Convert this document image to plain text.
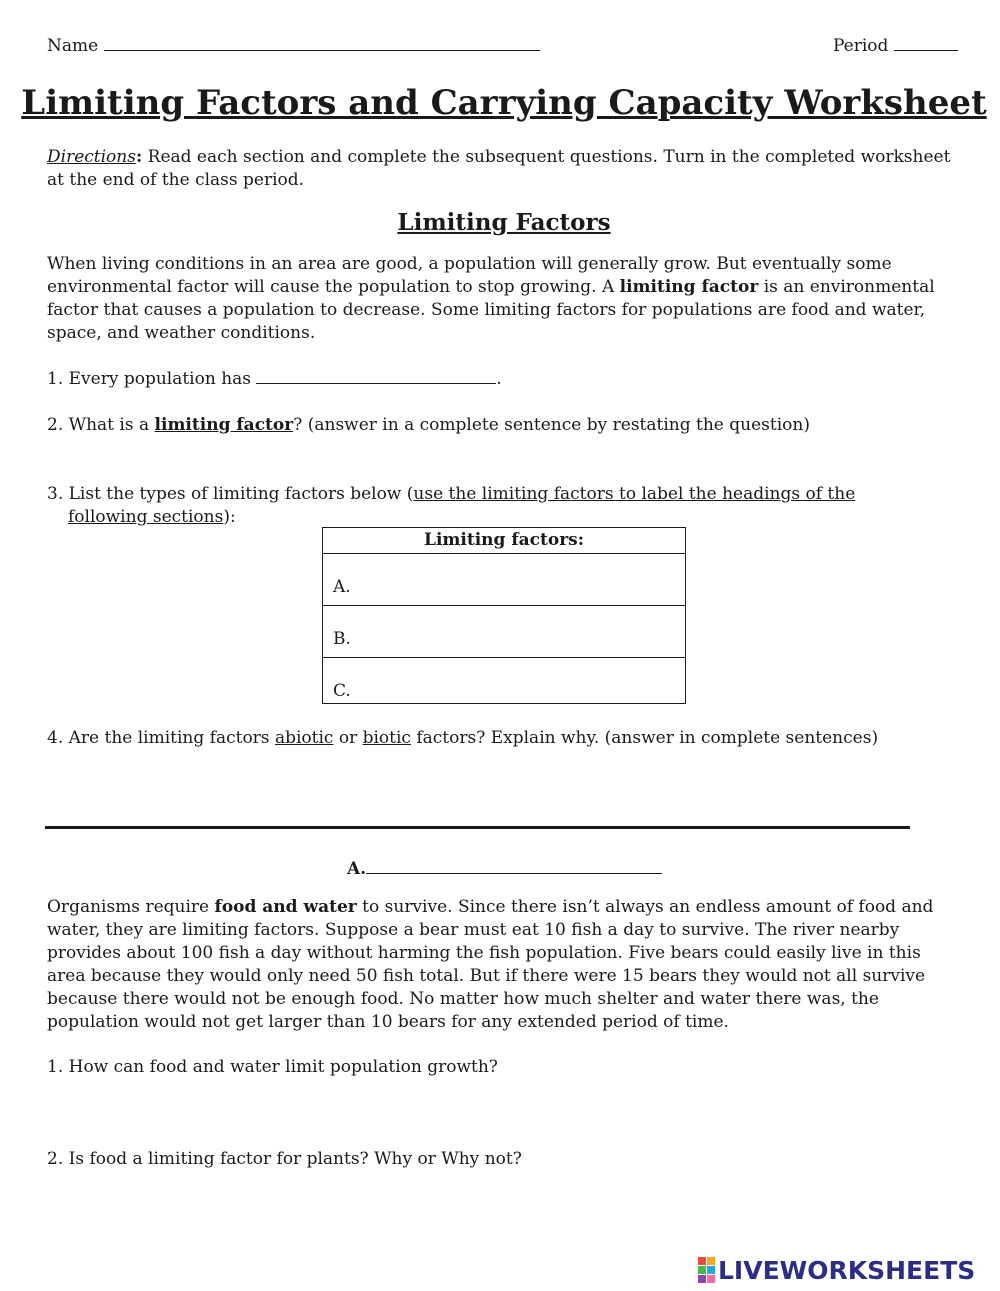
Name	Period
Limiting Factors and Carrying Capacity Worksheet

Directions: Read each section and complete the subsequent questions. Turn in the completed worksheet at the end of the class period.

Limiting Factors

When living conditions in an area are good, a population will generally grow. But eventually some environmental factor will cause the population to stop growing. A limiting factor is an environmental factor that causes a population to decrease. Some limiting factors for populations are food and water, space, and weather conditions.

1. Every population has	.
2. What is a limiting factor? (answer in a complete sentence by restating the question)
3. List the types of limiting factors below (use the limiting factors to label the headings of the
following sections):
Limiting factors:
A.
B.
C.
4. Are the limiting factors abiotic or biotic factors? Explain why. (answer in complete sentences)
A.

Organisms require food and water to survive. Since there isn’t always an endless amount of food and water, they are limiting factors. Suppose a bear must eat 10 fish a day to survive. The river nearby provides about 100 fish a day without harming the fish population. Five bears could easily live in this area because they would only need 50 fish total. But if there were 15 bears they would not all survive because there would not be enough food. No matter how much shelter and water there was, the population would not get larger than 10 bears for any extended period of time.

1. How can food and water limit population growth?
2. Is food a limiting factor for plants? Why or Why not?
LIVEWORKSHEETS
